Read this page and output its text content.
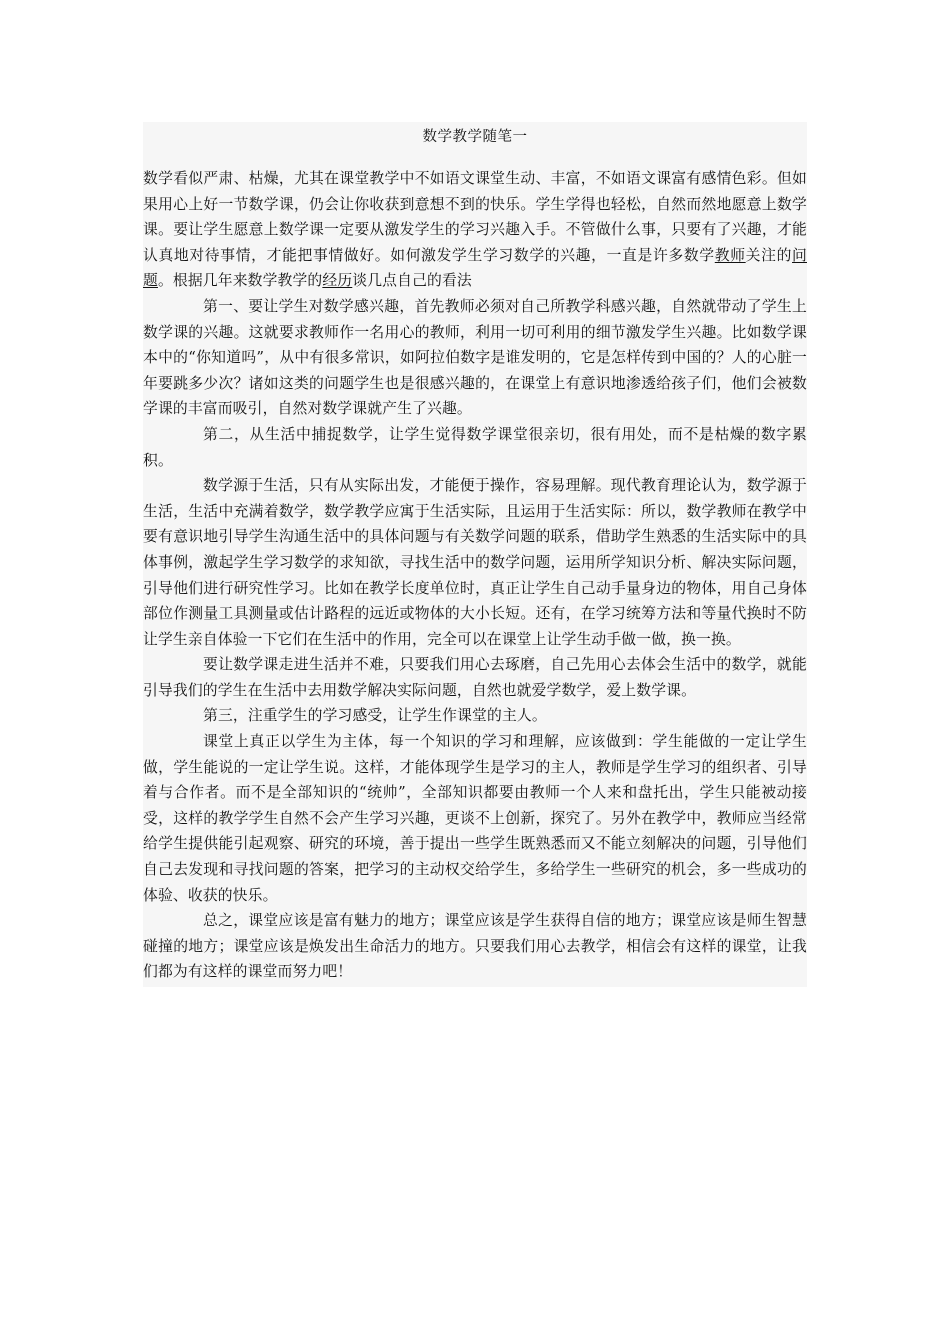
数学教学随笔一

数学看似严肃、枯燥，尤其在课堂教学中不如语文课堂生动、丰富，不如语文课富有感情色彩。但如果用心上好一节数学课，仍会让你收获到意想不到的快乐。学生学得也轻松，自然而然地愿意上数学课。要让学生愿意上数学课一定要从激发学生的学习兴趣入手。不管做什么事，只要有了兴趣，才能认真地对待事情，才能把事情做好。如何激发学生学习数学的兴趣，一直是许多数学教师关注的问题。根据几年来数学教学的经历谈几点自己的看法

第一、要让学生对数学感兴趣，首先教师必须对自己所教学科感兴趣，自然就带动了学生上数学课的兴趣。这就要求教师作一名用心的教师，利用一切可利用的细节激发学生兴趣。比如数学课本中的“你知道吗”，从中有很多常识，如阿拉伯数字是谁发明的，它是怎样传到中国的？人的心脏一年要跳多少次？诸如这类的问题学生也是很感兴趣的，在课堂上有意识地渗透给孩子们，他们会被数学课的丰富而吸引，自然对数学课就产生了兴趣。

第二，从生活中捕捉数学，让学生觉得数学课堂很亲切，很有用处，而不是枯燥的数字累积。

数学源于生活，只有从实际出发，才能便于操作，容易理解。现代教育理论认为，数学源于生活，生活中充满着数学，数学教学应寓于生活实际，且运用于生活实际：所以，数学教师在教学中要有意识地引导学生沟通生活中的具体问题与有关数学问题的联系，借助学生熟悉的生活实际中的具体事例，激起学生学习数学的求知欲，寻找生活中的数学问题，运用所学知识分析、解决实际问题，引导他们进行研究性学习。比如在教学长度单位时，真正让学生自己动手量身边的物体，用自己身体部位作测量工具测量或估计路程的远近或物体的大小长短。还有，在学习统筹方法和等量代换时不防让学生亲自体验一下它们在生活中的作用，完全可以在课堂上让学生动手做一做，换一换。

要让数学课走进生活并不难，只要我们用心去琢磨，自己先用心去体会生活中的数学，就能引导我们的学生在生活中去用数学解决实际问题，自然也就爱学数学，爱上数学课。

第三，注重学生的学习感受，让学生作课堂的主人。

课堂上真正以学生为主体，每一个知识的学习和理解，应该做到：学生能做的一定让学生做，学生能说的一定让学生说。这样，才能体现学生是学习的主人，教师是学生学习的组织者、引导着与合作者。而不是全部知识的“统帅”，全部知识都要由教师一个人来和盘托出，学生只能被动接受，这样的教学学生自然不会产生学习兴趣，更谈不上创新，探究了。另外在教学中，教师应当经常给学生提供能引起观察、研究的环境，善于提出一些学生既熟悉而又不能立刻解决的问题，引导他们自己去发现和寻找问题的答案，把学习的主动权交给学生，多给学生一些研究的机会，多一些成功的体验、收获的快乐。

总之，课堂应该是富有魅力的地方；课堂应该是学生获得自信的地方；课堂应该是师生智慧碰撞的地方；课堂应该是焕发出生命活力的地方。只要我们用心去教学，相信会有这样的课堂，让我们都为有这样的课堂而努力吧！
